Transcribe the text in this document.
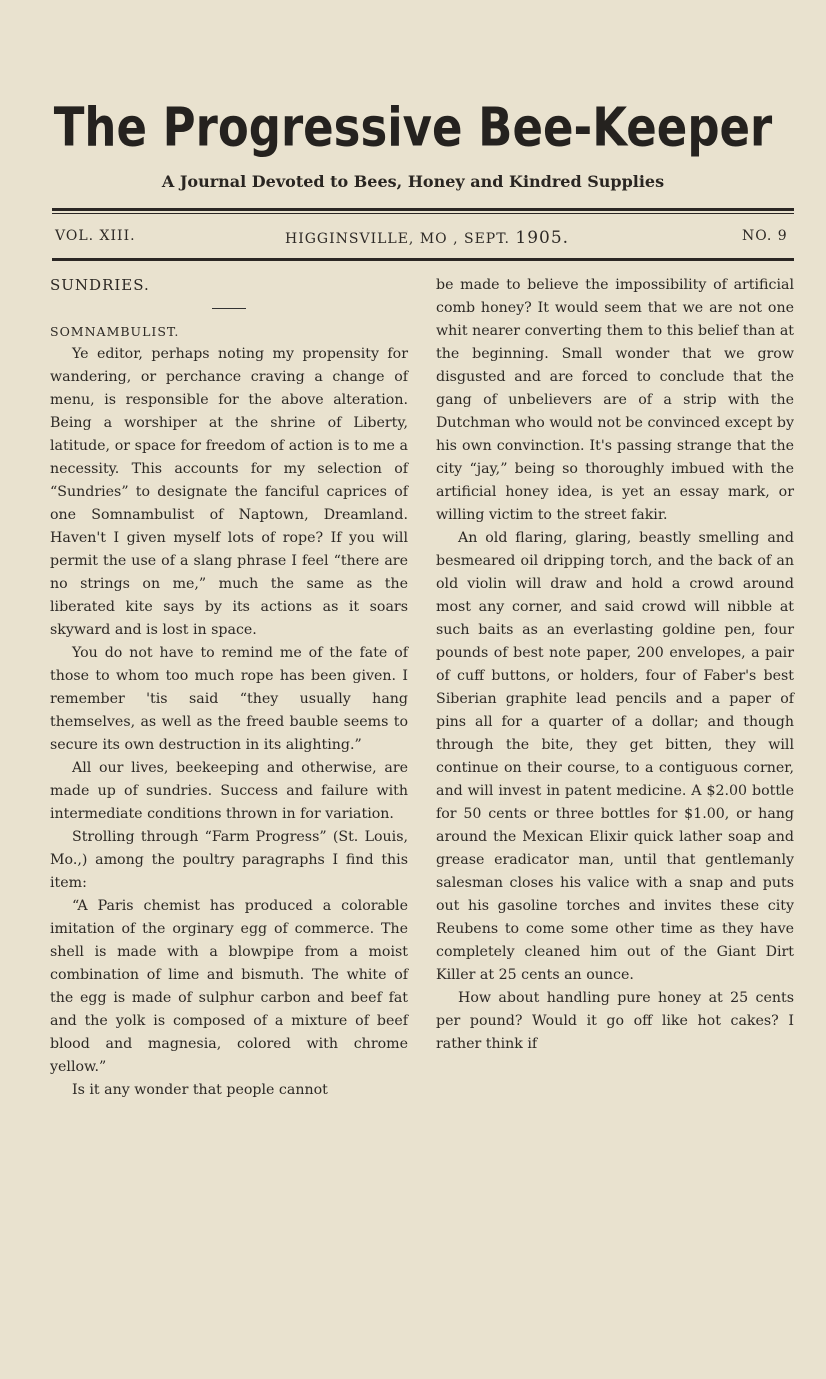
The Progressive Bee-Keeper
A Journal Devoted to Bees, Honey and Kindred Supplies
VOL. XIII.	HIGGINSVILLE, MO , SEPT. 1905.	NO. 9

SUNDRIES.

SOMNAMBULIST.

Ye editor, perhaps noting my propensity for wandering, or perchance craving a change of menu, is responsible for the above alteration. Being a worshiper at the shrine of Liberty, latitude, or space for freedom of action is to me a necessity. This accounts for my selection of “Sundries” to designate the fanciful caprices of one Somnambulist of Naptown, Dreamland. Haven't I given myself lots of rope? If you will permit the use of a slang phrase I feel “there are no strings on me,” much the same as the liberated kite says by its actions as it soars skyward and is lost in space.

You do not have to remind me of the fate of those to whom too much rope has been given. I remember 'tis said “they usually hang themselves, as well as the freed bauble seems to secure its own destruction in its alighting.”

All our lives, beekeeping and otherwise, are made up of sundries. Success and failure with intermediate conditions thrown in for variation.

Strolling through “Farm Progress” (St. Louis, Mo.,) among the poultry paragraphs I find this item:

“A Paris chemist has produced a colorable imitation of the orginary egg of commerce. The shell is made with a blowpipe from a moist combination of lime and bismuth. The white of the egg is made of sulphur carbon and beef fat and the yolk is composed of a mixture of beef blood and magnesia, colored with chrome yellow.”

Is it any wonder that people cannot

be made to believe the impossibility of artificial comb honey? It would seem that we are not one whit nearer converting them to this belief than at the beginning. Small wonder that we grow disgusted and are forced to conclude that the gang of unbelievers are of a strip with the Dutchman who would not be convinced except by his own convinction. It's passing strange that the city “jay,” being so thoroughly imbued with the artificial honey idea, is yet an essay mark, or willing victim to the street fakir.

An old flaring, glaring, beastly smelling and besmeared oil dripping torch, and the back of an old violin will draw and hold a crowd around most any corner, and said crowd will nibble at such baits as an everlasting goldine pen, four pounds of best note paper, 200 envelopes, a pair of cuff buttons, or holders, four of Faber's best Siberian graphite lead pencils and a paper of pins all for a quarter of a dollar; and though through the bite, they get bitten, they will continue on their course, to a contiguous corner, and will invest in patent medicine. A $2.00 bottle for 50 cents or three bottles for $1.00, or hang around the Mexican Elixir quick lather soap and grease eradicator man, until that gentlemanly salesman closes his valice with a snap and puts out his gasoline torches and invites these city Reubens to come some other time as they have completely cleaned him out of the Giant Dirt Killer at 25 cents an ounce.

How about handling pure honey at 25 cents per pound? Would it go off like hot cakes? I rather think if
